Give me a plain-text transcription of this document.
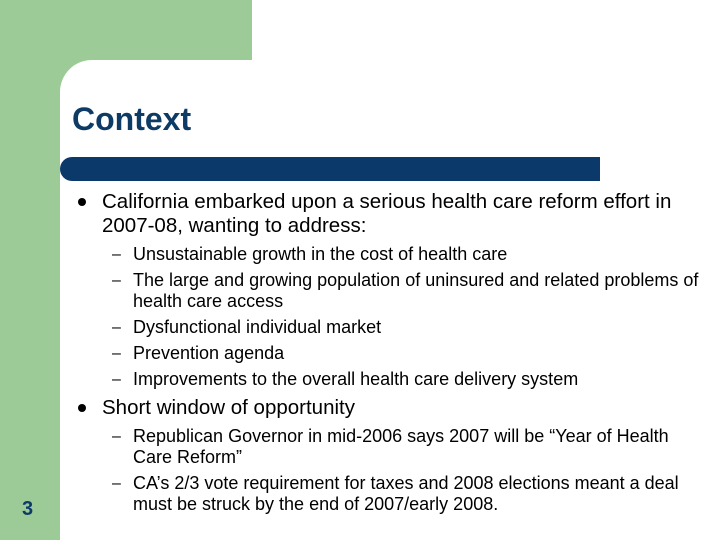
Context
California embarked upon a serious health care reform effort in 2007-08, wanting to address:
– Unsustainable growth in the cost of health care
– The large and growing population of uninsured and related problems of health care access
– Dysfunctional individual market
– Prevention agenda
– Improvements to the overall health care delivery system
Short window of opportunity
– Republican Governor in mid-2006 says 2007 will be “Year of Health Care Reform”
– CA’s 2/3 vote requirement for taxes and 2008 elections meant a deal must be struck by the end of 2007/early 2008.
3
